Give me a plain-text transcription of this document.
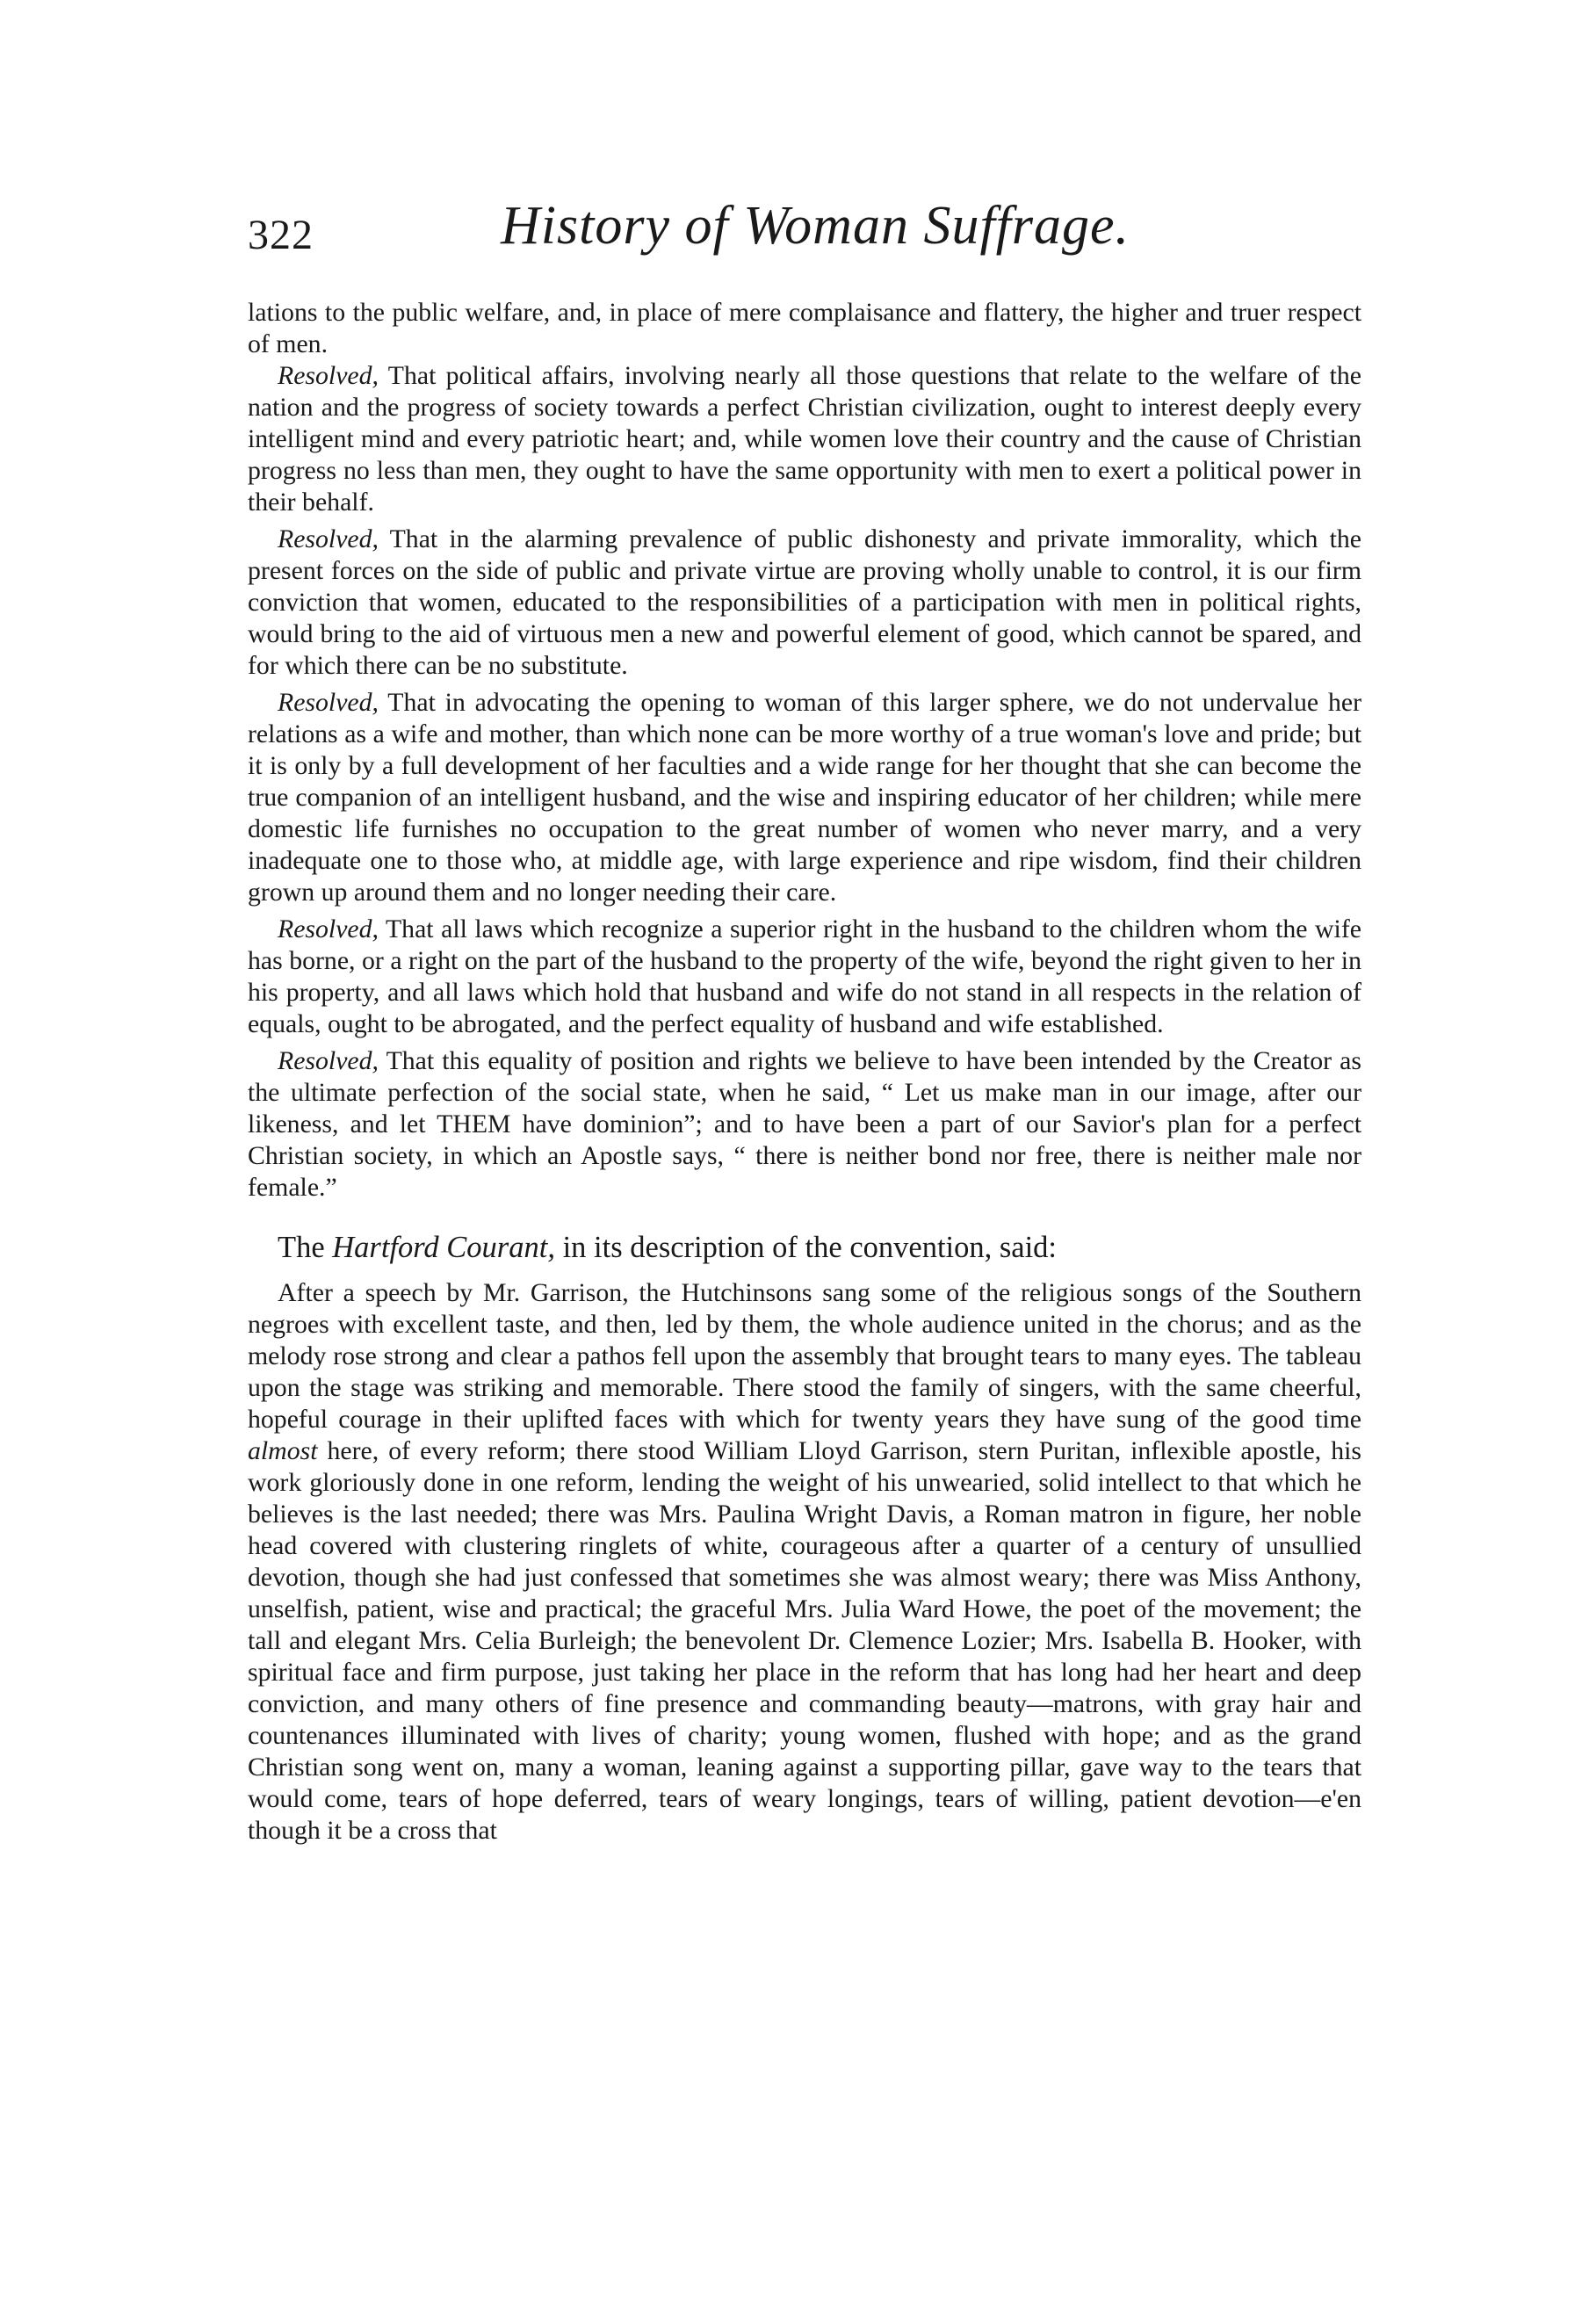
322	History of Woman Suffrage.

lations to the public welfare, and, in place of mere complaisance and flattery, the higher and truer respect of men.

Resolved, That political affairs, involving nearly all those questions that relate to the welfare of the nation and the progress of society towards a perfect Christian civilization, ought to interest deeply every intelligent mind and every patriotic heart; and, while women love their country and the cause of Christian progress no less than men, they ought to have the same opportunity with men to exert a political power in their behalf.

Resolved, That in the alarming prevalence of public dishonesty and private immorality, which the present forces on the side of public and private virtue are proving wholly unable to control, it is our firm conviction that women, educated to the responsibilities of a participation with men in political rights, would bring to the aid of virtuous men a new and powerful element of good, which cannot be spared, and for which there can be no substitute.

Resolved, That in advocating the opening to woman of this larger sphere, we do not undervalue her relations as a wife and mother, than which none can be more worthy of a true woman's love and pride; but it is only by a full development of her faculties and a wide range for her thought that she can become the true companion of an intelligent husband, and the wise and inspiring educator of her children; while mere domestic life furnishes no occupation to the great number of women who never marry, and a very inadequate one to those who, at middle age, with large experience and ripe wisdom, find their children grown up around them and no longer needing their care.

Resolved, That all laws which recognize a superior right in the husband to the children whom the wife has borne, or a right on the part of the husband to the property of the wife, beyond the right given to her in his property, and all laws which hold that husband and wife do not stand in all respects in the relation of equals, ought to be abrogated, and the perfect equality of husband and wife established.

Resolved, That this equality of position and rights we believe to have been intended by the Creator as the ultimate perfection of the social state, when he said, “ Let us make man in our image, after our likeness, and let THEM have dominion”; and to have been a part of our Savior's plan for a perfect Christian society, in which an Apostle says, “ there is neither bond nor free, there is neither male nor female.”

The Hartford Courant, in its description of the convention, said:

After a speech by Mr. Garrison, the Hutchinsons sang some of the religious songs of the Southern negroes with excellent taste, and then, led by them, the whole audience united in the chorus; and as the melody rose strong and clear a pathos fell upon the assembly that brought tears to many eyes. The tableau upon the stage was striking and memorable. There stood the family of singers, with the same cheerful, hopeful courage in their uplifted faces with which for twenty years they have sung of the good time almost here, of every reform; there stood William Lloyd Garrison, stern Puritan, inflexible apostle, his work gloriously done in one reform, lending the weight of his unwearied, solid intellect to that which he believes is the last needed; there was Mrs. Paulina Wright Davis, a Roman matron in figure, her noble head covered with clustering ringlets of white, courageous after a quarter of a century of unsullied devotion, though she had just confessed that sometimes she was almost weary; there was Miss Anthony, unselfish, patient, wise and practical; the graceful Mrs. Julia Ward Howe, the poet of the movement; the tall and elegant Mrs. Celia Burleigh; the benevolent Dr. Clemence Lozier; Mrs. Isabella B. Hooker, with spiritual face and firm purpose, just taking her place in the reform that has long had her heart and deep conviction, and many others of fine presence and commanding beauty—matrons, with gray hair and countenances illuminated with lives of charity; young women, flushed with hope; and as the grand Christian song went on, many a woman, leaning against a supporting pillar, gave way to the tears that would come, tears of hope deferred, tears of weary longings, tears of willing, patient devotion—e'en though it be a cross that
